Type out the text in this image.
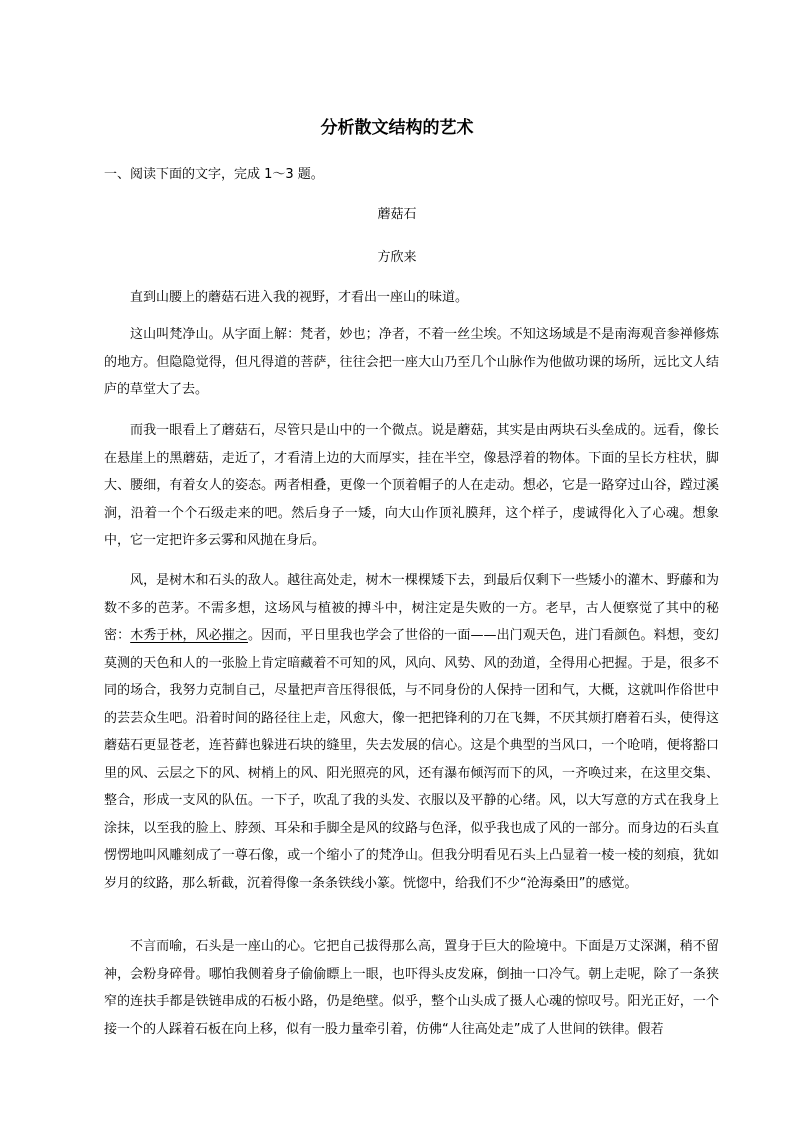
分析散文结构的艺术
一、阅读下面的文字，完成 1～3 题。
蘑菇石
方欣来

直到山腰上的蘑菇石进入我的视野，才看出一座山的味道。

这山叫梵净山。从字面上解：梵者，妙也；净者，不着一丝尘埃。不知这场域是不是南海观音参禅修炼的地方。但隐隐觉得，但凡得道的菩萨，往往会把一座大山乃至几个山脉作为他做功课的场所，远比文人结庐的草堂大了去。

而我一眼看上了蘑菇石，尽管只是山中的一个微点。说是蘑菇，其实是由两块石头垒成的。远看，像长在悬崖上的黑蘑菇，走近了，才看清上边的大而厚实，挂在半空，像悬浮着的物体。下面的呈长方柱状，脚大、腰细，有着女人的姿态。两者相叠，更像一个顶着帽子的人在走动。想必，它是一路穿过山谷，蹚过溪涧，沿着一个个石级走来的吧。然后身子一矮，向大山作顶礼膜拜，这个样子，虔诚得化入了心魂。想象中，它一定把许多云雾和风抛在身后。

风，是树木和石头的敌人。越往高处走，树木一棵棵矮下去，到最后仅剩下一些矮小的灌木、野藤和为数不多的芭茅。不需多想，这场风与植被的搏斗中，树注定是失败的一方。老早，古人便察觉了其中的秘密：木秀于林，风必摧之。因而，平日里我也学会了世俗的一面——出门观天色，进门看颜色。料想，变幻莫测的天色和人的一张脸上肯定暗藏着不可知的风，风向、风势、风的劲道，全得用心把握。于是，很多不同的场合，我努力克制自己，尽量把声音压得很低，与不同身份的人保持一团和气，大概，这就叫作俗世中的芸芸众生吧。沿着时间的路径往上走，风愈大，像一把把锋利的刀在飞舞，不厌其烦打磨着石头，使得这蘑菇石更显苍老，连苔藓也躲进石块的缝里，失去发展的信心。这是个典型的当风口，一个呛哨，便将豁口里的风、云层之下的风、树梢上的风、阳光照亮的风，还有瀑布倾泻而下的风，一齐唤过来，在这里交集、整合，形成一支风的队伍。一下子，吹乱了我的头发、衣服以及平静的心绪。风，以大写意的方式在我身上涂抹，以至我的脸上、脖颈、耳朵和手脚全是风的纹路与色泽，似乎我也成了风的一部分。而身边的石头直愣愣地叫风雕刻成了一尊石像，或一个缩小了的梵净山。但我分明看见石头上凸显着一棱一棱的刻痕，犹如岁月的纹路，那么斩截，沉着得像一条条铁线小篆。恍惚中，给我们不少“沧海桑田”的感觉。

不言而喻，石头是一座山的心。它把自己拔得那么高，置身于巨大的险境中。下面是万丈深渊，稍不留神，会粉身碎骨。哪怕我侧着身子偷偷瞟上一眼，也吓得头皮发麻，倒抽一口冷气。朝上走呢，除了一条狭窄的连扶手都是铁链串成的石板小路，仍是绝壁。似乎，整个山头成了摄人心魂的惊叹号。阳光正好，一个接一个的人踩着石板在向上移，似有一股力量牵引着，仿佛“人往高处走”成了人世间的铁律。假若
